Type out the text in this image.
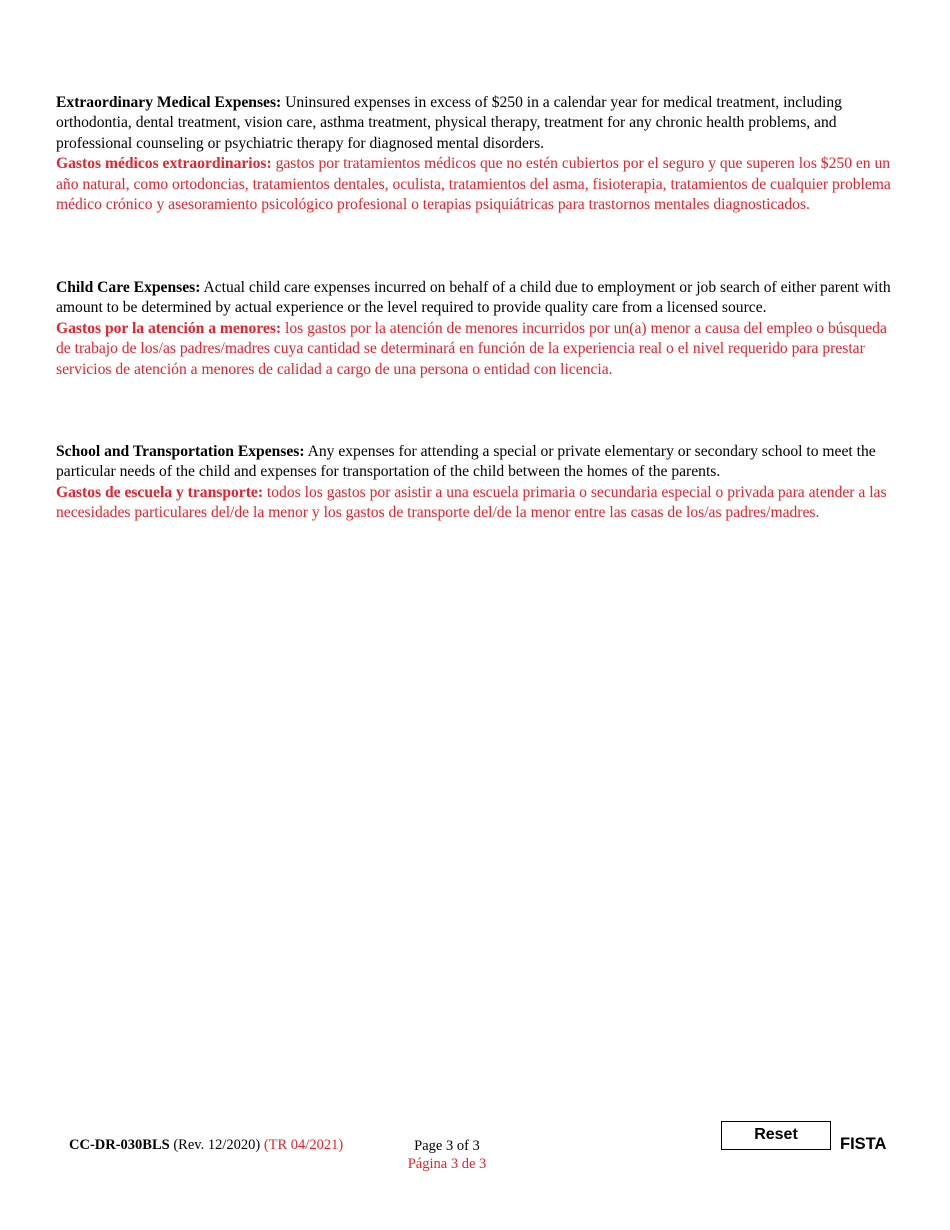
Extraordinary Medical Expenses: Uninsured expenses in excess of $250 in a calendar year for medical treatment, including orthodontia, dental treatment, vision care, asthma treatment, physical therapy, treatment for any chronic health problems, and professional counseling or psychiatric therapy for diagnosed mental disorders.

Gastos médicos extraordinarios: gastos por tratamientos médicos que no estén cubiertos por el seguro y que superen los $250 en un año natural, como ortodoncias, tratamientos dentales, oculista, tratamientos del asma, fisioterapia, tratamientos de cualquier problema médico crónico y asesoramiento psicológico profesional o terapias psiquiátricas para trastornos mentales diagnosticados.

Child Care Expenses: Actual child care expenses incurred on behalf of a child due to employment or job search of either parent with amount to be determined by actual experience or the level required to provide quality care from a licensed source.

Gastos por la atención a menores: los gastos por la atención de menores incurridos por un(a) menor a causa del empleo o búsqueda de trabajo de los/as padres/madres cuya cantidad se determinará en función de la experiencia real o el nivel requerido para prestar servicios de atención a menores de calidad a cargo de una persona o entidad con licencia.

School and Transportation Expenses: Any expenses for attending a special or private elementary or secondary school to meet the particular needs of the child and expenses for transportation of the child between the homes of the parents.

Gastos de escuela y transporte: todos los gastos por asistir a una escuela primaria o secundaria especial o privada para atender a las necesidades particulares del/de la menor y los gastos de transporte del/de la menor entre las casas de los/as padres/madres.

CC-DR-030BLS (Rev. 12/2020) (TR 04/2021)	Page 3 of 3
Página 3 de 3
Reset
FISTA
